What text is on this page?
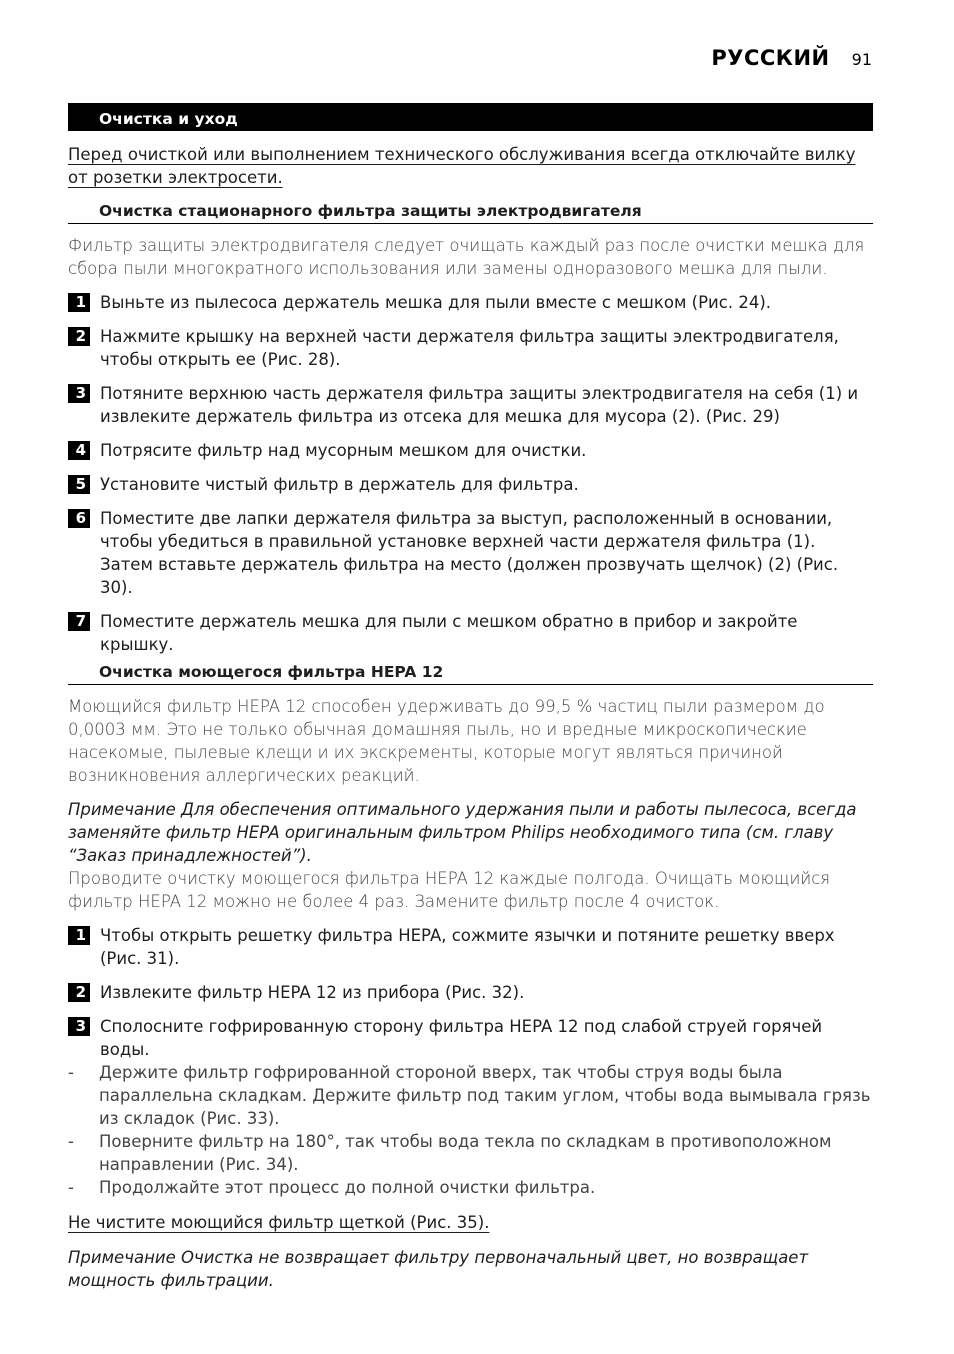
РУССКИЙ 91
Очистка и уход
Перед очисткой или выполнением технического обслуживания всегда отключайте вилку от розетки электросети.
Очистка стационарного фильтра защиты электродвигателя

Фильтр защиты электродвигателя следует очищать каждый раз после очистки мешка для сбора пыли многократного использования или замены одноразового мешка для пыли.

1 Выньте из пылесоса держатель мешка для пыли вместе с мешком (Рис. 24).
2 Нажмите крышку на верхней части держателя фильтра защиты электродвигателя, чтобы открыть ее (Рис. 28).
3 Потяните верхнюю часть держателя фильтра защиты электродвигателя на себя (1) и извлеките держатель фильтра из отсека для мешка для мусора (2). (Рис. 29)
4 Потрясите фильтр над мусорным мешком для очистки.
5 Установите чистый фильтр в держатель для фильтра.
6 Поместите две лапки держателя фильтра за выступ, расположенный в основании, чтобы убедиться в правильной установке верхней части держателя фильтра (1). Затем вставьте держатель фильтра на место (должен прозвучать щелчок) (2) (Рис. 30).
7 Поместите держатель мешка для пыли с мешком обратно в прибор и закройте крышку.
Очистка моющегося фильтра HEPA 12

Моющийся фильтр HEPA 12 способен удерживать до 99,5 % частиц пыли размером до 0,0003 мм. Это не только обычная домашняя пыль, но и вредные микроскопические насекомые, пылевые клещи и их экскременты, которые могут являться причиной возникновения аллергических реакций.

Примечание Для обеспечения оптимального удержания пыли и работы пылесоса, всегда заменяйте фильтр HEPA оригинальным фильтром Philips необходимого типа (см. главу “Заказ принадлежностей”).

Проводите очистку моющегося фильтра HEPA 12 каждые полгода. Очищать моющийся фильтр HEPA 12 можно не более 4 раз. Замените фильтр после 4 очисток.

1 Чтобы открыть решетку фильтра HEPA, сожмите язычки и потяните решетку вверх (Рис. 31).
2 Извлеките фильтр HEPA 12 из прибора (Рис. 32).
3 Сполосните гофрированную сторону фильтра HEPA 12 под слабой струей горячей воды.
-	Держите фильтр гофрированной стороной вверх, так чтобы струя воды была параллельна складкам. Держите фильтр под таким углом, чтобы вода вымывала грязь из складок (Рис. 33).
-	Поверните фильтр на 180°, так чтобы вода текла по складкам в противоположном направлении (Рис. 34).
-	Продолжайте этот процесс до полной очистки фильтра.
Не чистите моющийся фильтр щеткой (Рис. 35).

Примечание Очистка не возвращает фильтру первоначальный цвет, но возвращает мощность фильтрации.
